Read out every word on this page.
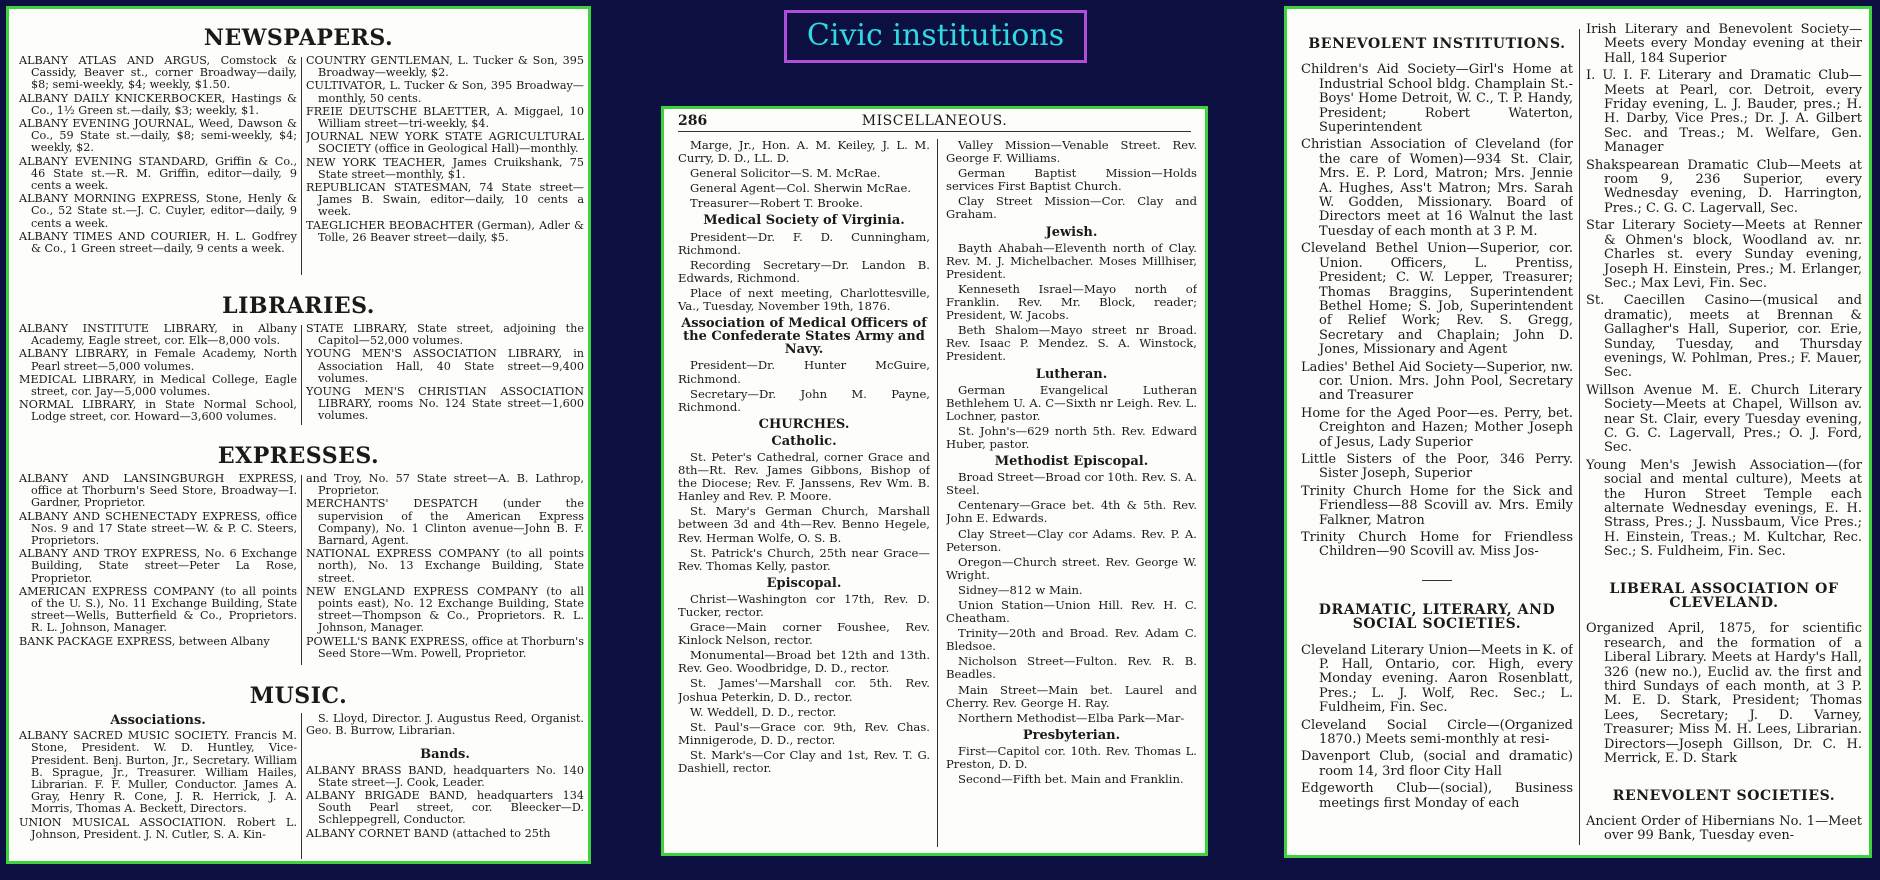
Civic institutions
NEWSPAPERS.
ALBANY ATLAS AND ARGUS, Comstock & Cassidy, Beaver st., corner Broadway—daily, $8; semi-weekly, $4; weekly, $1.50.
ALBANY DAILY KNICKERBOCKER, Hastings & Co., 1½ Green st.—daily, $3; weekly, $1.
ALBANY EVENING JOURNAL, Weed, Dawson & Co., 59 State st.—daily, $8; semi-weekly, $4; weekly, $2.
ALBANY EVENING STANDARD, Griffin & Co., 46 State st.—R. M. Griffin, editor—daily, 9 cents a week.
ALBANY MORNING EXPRESS, Stone, Henly & Co., 52 State st.—J. C. Cuyler, editor—daily, 9 cents a week.
ALBANY TIMES AND COURIER, H. L. Godfrey & Co., 1 Green street—daily, 9 cents a week.
COUNTRY GENTLEMAN, L. Tucker & Son, 395 Broadway—weekly, $2.
CULTIVATOR, L. Tucker & Son, 395 Broadway—monthly, 50 cents.
FREIE DEUTSCHE BLAETTER, A. Miggael, 10 William street—tri-weekly, $4.
JOURNAL NEW YORK STATE AGRICULTURAL SOCIETY (office in Geological Hall)—monthly.
NEW YORK TEACHER, James Cruikshank, 75 State street—monthly, $1.
REPUBLICAN STATESMAN, 74 State street—James B. Swain, editor—daily, 10 cents a week.
TAEGLICHER BEOBACHTER (German), Adler & Tolle, 26 Beaver street—daily, $5.
LIBRARIES.
ALBANY INSTITUTE LIBRARY, in Albany Academy, Eagle street, cor. Elk—8,000 vols.
ALBANY LIBRARY, in Female Academy, North Pearl street—5,000 volumes.
MEDICAL LIBRARY, in Medical College, Eagle street, cor. Jay—5,000 volumes.
NORMAL LIBRARY, in State Normal School, Lodge street, cor. Howard—3,600 volumes.
STATE LIBRARY, State street, adjoining the Capitol—52,000 volumes.
YOUNG MEN'S ASSOCIATION LIBRARY, in Association Hall, 40 State street—9,400 volumes.
YOUNG MEN'S CHRISTIAN ASSOCIATION LIBRARY, rooms No. 124 State street—1,600 volumes.
EXPRESSES.
ALBANY AND LANSINGBURGH EXPRESS, office at Thorburn's Seed Store, Broadway—I. Gardner, Proprietor.
ALBANY AND SCHENECTADY EXPRESS, office Nos. 9 and 17 State street—W. & P. C. Steers, Proprietors.
ALBANY AND TROY EXPRESS, No. 6 Exchange Building, State street—Peter La Rose, Proprietor.
AMERICAN EXPRESS COMPANY (to all points of the U. S.), No. 11 Exchange Building, State street—Wells, Butterfield & Co., Proprietors. R. L. Johnson, Manager.
BANK PACKAGE EXPRESS, between Albany
and Troy, No. 57 State street—A. B. Lathrop, Proprietor.
MERCHANTS' DESPATCH (under the supervision of the American Express Company), No. 1 Clinton avenue—John B. F. Barnard, Agent.
NATIONAL EXPRESS COMPANY (to all points north), No. 13 Exchange Building, State street.
NEW ENGLAND EXPRESS COMPANY (to all points east), No. 12 Exchange Building, State street—Thompson & Co., Proprietors. R. L. Johnson, Manager.
POWELL'S BANK EXPRESS, office at Thorburn's Seed Store—Wm. Powell, Proprietor.
MUSIC.
Associations.
ALBANY SACRED MUSIC SOCIETY. Francis M. Stone, President. W. D. Huntley, Vice-President. Benj. Burton, Jr., Secretary. William B. Sprague, Jr., Treasurer. William Hailes, Librarian. F. F. Muller, Conductor. James A. Gray, Henry R. Cone, J. R. Herrick, J. A. Morris, Thomas A. Beckett, Directors.
UNION MUSICAL ASSOCIATION. Robert L. Johnson, President. J. N. Cutler, S. A. Kin-
S. Lloyd, Director. J. Augustus Reed, Organist. Geo. B. Burrow, Librarian.
Bands.
ALBANY BRASS BAND, headquarters No. 140 State street—J. Cook, Leader.
ALBANY BRIGADE BAND, headquarters 134 South Pearl street, cor. Bleecker—D. Schleppegrell, Conductor.
ALBANY CORNET BAND (attached to 25th
286	MISCELLANEOUS.
Marge, Jr., Hon. A. M. Keiley, J. L. M. Curry, D. D., LL. D.
General Solicitor—S. M. McRae.
General Agent—Col. Sherwin McRae.
Treasurer—Robert T. Brooke.
Medical Society of Virginia.
President—Dr. F. D. Cunningham, Richmond.
Recording Secretary—Dr. Landon B. Edwards, Richmond.
Place of next meeting, Charlottesville, Va., Tuesday, November 19th, 1876.
Association of Medical Officers of the Confederate States Army and Navy.
President—Dr. Hunter McGuire, Richmond.
Secretary—Dr. John M. Payne, Richmond.
CHURCHES.
Catholic.
St. Peter's Cathedral, corner Grace and 8th—Rt. Rev. James Gibbons, Bishop of the Diocese; Rev. F. Janssens, Rev Wm. B. Hanley and Rev. P. Moore.
St. Mary's German Church, Marshall between 3d and 4th—Rev. Benno Hegele, Rev. Herman Wolfe, O. S. B.
St. Patrick's Church, 25th near Grace—Rev. Thomas Kelly, pastor.
Episcopal.
Christ—Washington cor 17th, Rev. D. Tucker, rector.
Grace—Main corner Foushee, Rev. Kinlock Nelson, rector.
Monumental—Broad bet 12th and 13th. Rev. Geo. Woodbridge, D. D., rector.
St. James'—Marshall cor. 5th. Rev. Joshua Peterkin, D. D., rector.
W. Weddell, D. D., rector.
St. Paul's—Grace cor. 9th, Rev. Chas. Minnigerode, D. D., rector.
St. Mark's—Cor Clay and 1st, Rev. T. G. Dashiell, rector.
Valley Mission—Venable Street. Rev. George F. Williams.
German Baptist Mission—Holds services First Baptist Church.
Clay Street Mission—Cor. Clay and Graham.
Jewish.
Bayth Ahabah—Eleventh north of Clay. Rev. M. J. Michelbacher. Moses Millhiser, President.
Kenneseth Israel—Mayo north of Franklin. Rev. Mr. Block, reader; President, W. Jacobs.
Beth Shalom—Mayo street nr Broad. Rev. Isaac P. Mendez. S. A. Winstock, President.
Lutheran.
German Evangelical Lutheran Bethlehem U. A. C—Sixth nr Leigh. Rev. L. Lochner, pastor.
St. John's—629 north 5th. Rev. Edward Huber, pastor.
Methodist Episcopal.
Broad Street—Broad cor 10th. Rev. S. A. Steel.
Centenary—Grace bet. 4th & 5th. Rev. John E. Edwards.
Clay Street—Clay cor Adams. Rev. P. A. Peterson.
Oregon—Church street. Rev. George W. Wright.
Sidney—812 w Main.
Union Station—Union Hill. Rev. H. C. Cheatham.
Trinity—20th and Broad. Rev. Adam C. Bledsoe.
Nicholson Street—Fulton. Rev. R. B. Beadles.
Main Street—Main bet. Laurel and Cherry. Rev. George H. Ray.
Northern Methodist—Elba Park—Mar-
Presbyterian.
First—Capitol cor. 10th. Rev. Thomas L. Preston, D. D.
Second—Fifth bet. Main and Franklin.
BENEVOLENT INSTITUTIONS.
Children's Aid Society—Girl's Home at Industrial School bldg. Champlain St.-Boys' Home Detroit, W. C., T. P. Handy, President; Robert Waterton, Superintendent
Christian Association of Cleveland (for the care of Women)—934 St. Clair, Mrs. E. P. Lord, Matron; Mrs. Jennie A. Hughes, Ass't Matron; Mrs. Sarah W. Godden, Missionary. Board of Directors meet at 16 Walnut the last Tuesday of each month at 3 P. M.
Cleveland Bethel Union—Superior, cor. Union. Officers, L. Prentiss, President; C. W. Lepper, Treasurer; Thomas Braggins, Superintendent Bethel Home; S. Job, Superintendent of Relief Work; Rev. S. Gregg, Secretary and Chaplain; John D. Jones, Missionary and Agent
Ladies' Bethel Aid Society—Superior, nw. cor. Union. Mrs. John Pool, Secretary and Treasurer
Home for the Aged Poor—es. Perry, bet. Creighton and Hazen; Mother Joseph of Jesus, Lady Superior
Little Sisters of the Poor, 346 Perry. Sister Joseph, Superior
Trinity Church Home for the Sick and Friendless—88 Scovill av. Mrs. Emily Falkner, Matron
Trinity Church Home for Friendless Children—90 Scovill av. Miss Jos-
DRAMATIC, LITERARY, AND SOCIAL SOCIETIES.
Cleveland Literary Union—Meets in K. of P. Hall, Ontario, cor. High, every Monday evening. Aaron Rosenblatt, Pres.; L. J. Wolf, Rec. Sec.; L. Fuldheim, Fin. Sec.
Cleveland Social Circle—(Organized 1870.) Meets semi-monthly at resi-
Davenport Club, (social and dramatic) room 14, 3rd floor City Hall
Edgeworth Club—(social), Business meetings first Monday of each
Irish Literary and Benevolent Society—Meets every Monday evening at their Hall, 184 Superior
I. U. I. F. Literary and Dramatic Club—Meets at Pearl, cor. Detroit, every Friday evening, L. J. Bauder, pres.; H. H. Darby, Vice Pres.; Dr. J. A. Gilbert Sec. and Treas.; M. Welfare, Gen. Manager
Shakspearean Dramatic Club—Meets at room 9, 236 Superior, every Wednesday evening, D. Harrington, Pres.; C. G. C. Lagervall, Sec.
Star Literary Society—Meets at Renner & Ohmen's block, Woodland av. nr. Charles st. every Sunday evening, Joseph H. Einstein, Pres.; M. Erlanger, Sec.; Max Levi, Fin. Sec.
St. Caecillen Casino—(musical and dramatic), meets at Brennan & Gallagher's Hall, Superior, cor. Erie, Sunday, Tuesday, and Thursday evenings, W. Pohlman, Pres.; F. Mauer, Sec.
Willson Avenue M. E. Church Literary Society—Meets at Chapel, Willson av. near St. Clair, every Tuesday evening, C. G. C. Lagervall, Pres.; O. J. Ford, Sec.
Young Men's Jewish Association—(for social and mental culture), Meets at the Huron Street Temple each alternate Wednesday evenings, E. H. Strass, Pres.; J. Nussbaum, Vice Pres.; H. Einstein, Treas.; M. Kultchar, Rec. Sec.; S. Fuldheim, Fin. Sec.
LIBERAL ASSOCIATION OF CLEVELAND.
Organized April, 1875, for scientific research, and the formation of a Liberal Library. Meets at Hardy's Hall, 326 (new no.), Euclid av. the first and third Sundays of each month, at 3 P. M. E. D. Stark, President; Thomas Lees, Secretary; J. D. Varney, Treasurer; Miss M. H. Lees, Librarian. Directors—Joseph Gillson, Dr. C. H. Merrick, E. D. Stark
RENEVOLENT SOCIETIES.
Ancient Order of Hibernians No. 1—Meet over 99 Bank, Tuesday even-
